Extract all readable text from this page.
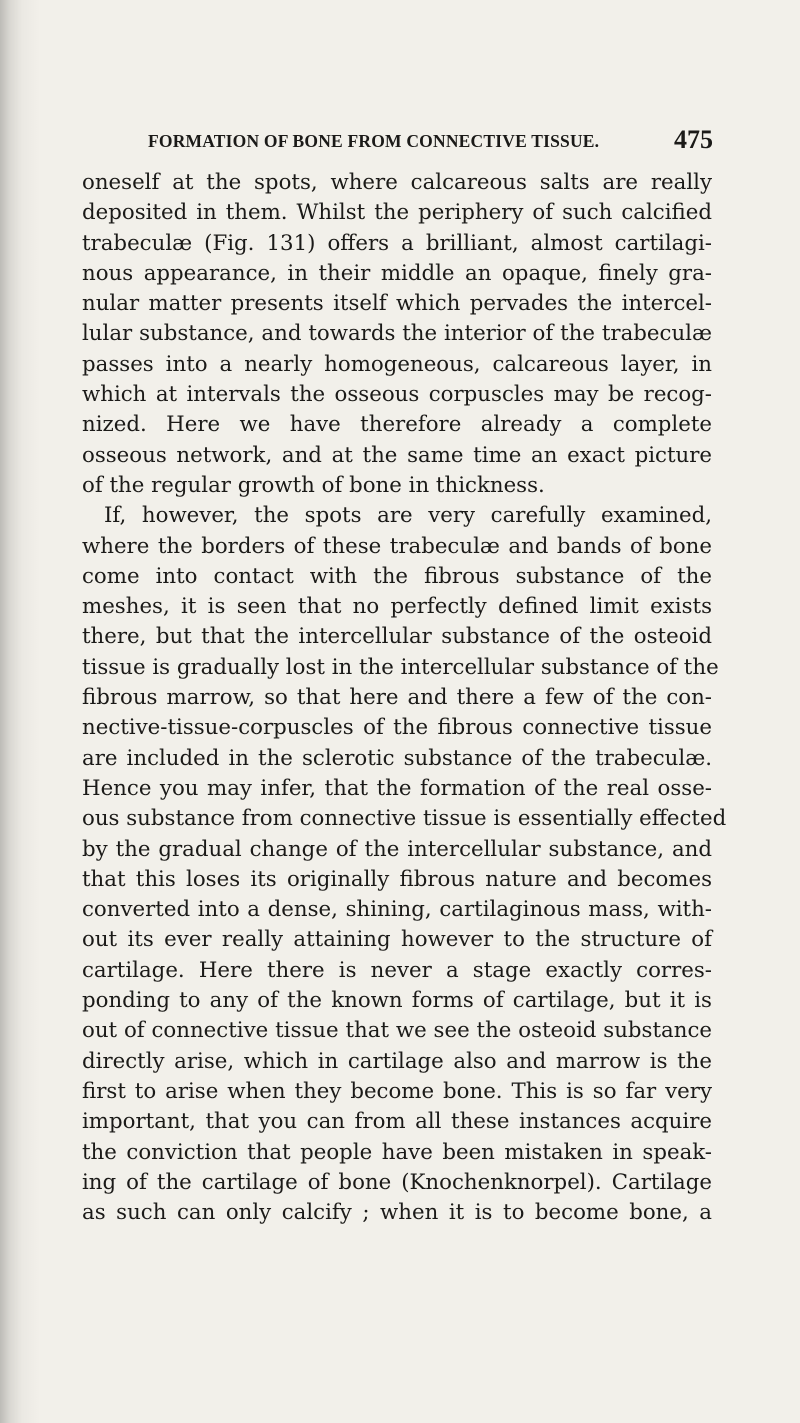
FORMATION OF BONE FROM CONNECTIVE TISSUE.	475
oneself at the spots, where calcareous salts are really
deposited in them. Whilst the periphery of such calcified
trabeculæ (Fig. 131) offers a brilliant, almost cartilagi-
nous appearance, in their middle an opaque, finely gra-
nular matter presents itself which pervades the intercel-
lular substance, and towards the interior of the trabeculæ
passes into a nearly homogeneous, calcareous layer, in
which at intervals the osseous corpuscles may be recog-
nized. Here we have therefore already a complete
osseous network, and at the same time an exact picture
of the regular growth of bone in thickness.
If, however, the spots are very carefully examined,
where the borders of these trabeculæ and bands of bone
come into contact with the fibrous substance of the
meshes, it is seen that no perfectly defined limit exists
there, but that the intercellular substance of the osteoid
tissue is gradually lost in the intercellular substance of the
fibrous marrow, so that here and there a few of the con-
nective-tissue-corpuscles of the fibrous connective tissue
are included in the sclerotic substance of the trabeculæ.
Hence you may infer, that the formation of the real osse-
ous substance from connective tissue is essentially effected
by the gradual change of the intercellular substance, and
that this loses its originally fibrous nature and becomes
converted into a dense, shining, cartilaginous mass, with-
out its ever really attaining however to the structure of
cartilage. Here there is never a stage exactly corres-
ponding to any of the known forms of cartilage, but it is
out of connective tissue that we see the osteoid substance
directly arise, which in cartilage also and marrow is the
first to arise when they become bone. This is so far very
important, that you can from all these instances acquire
the conviction that people have been mistaken in speak-
ing of the cartilage of bone (Knochenknorpel). Cartilage
as such can only calcify ; when it is to become bone, a
